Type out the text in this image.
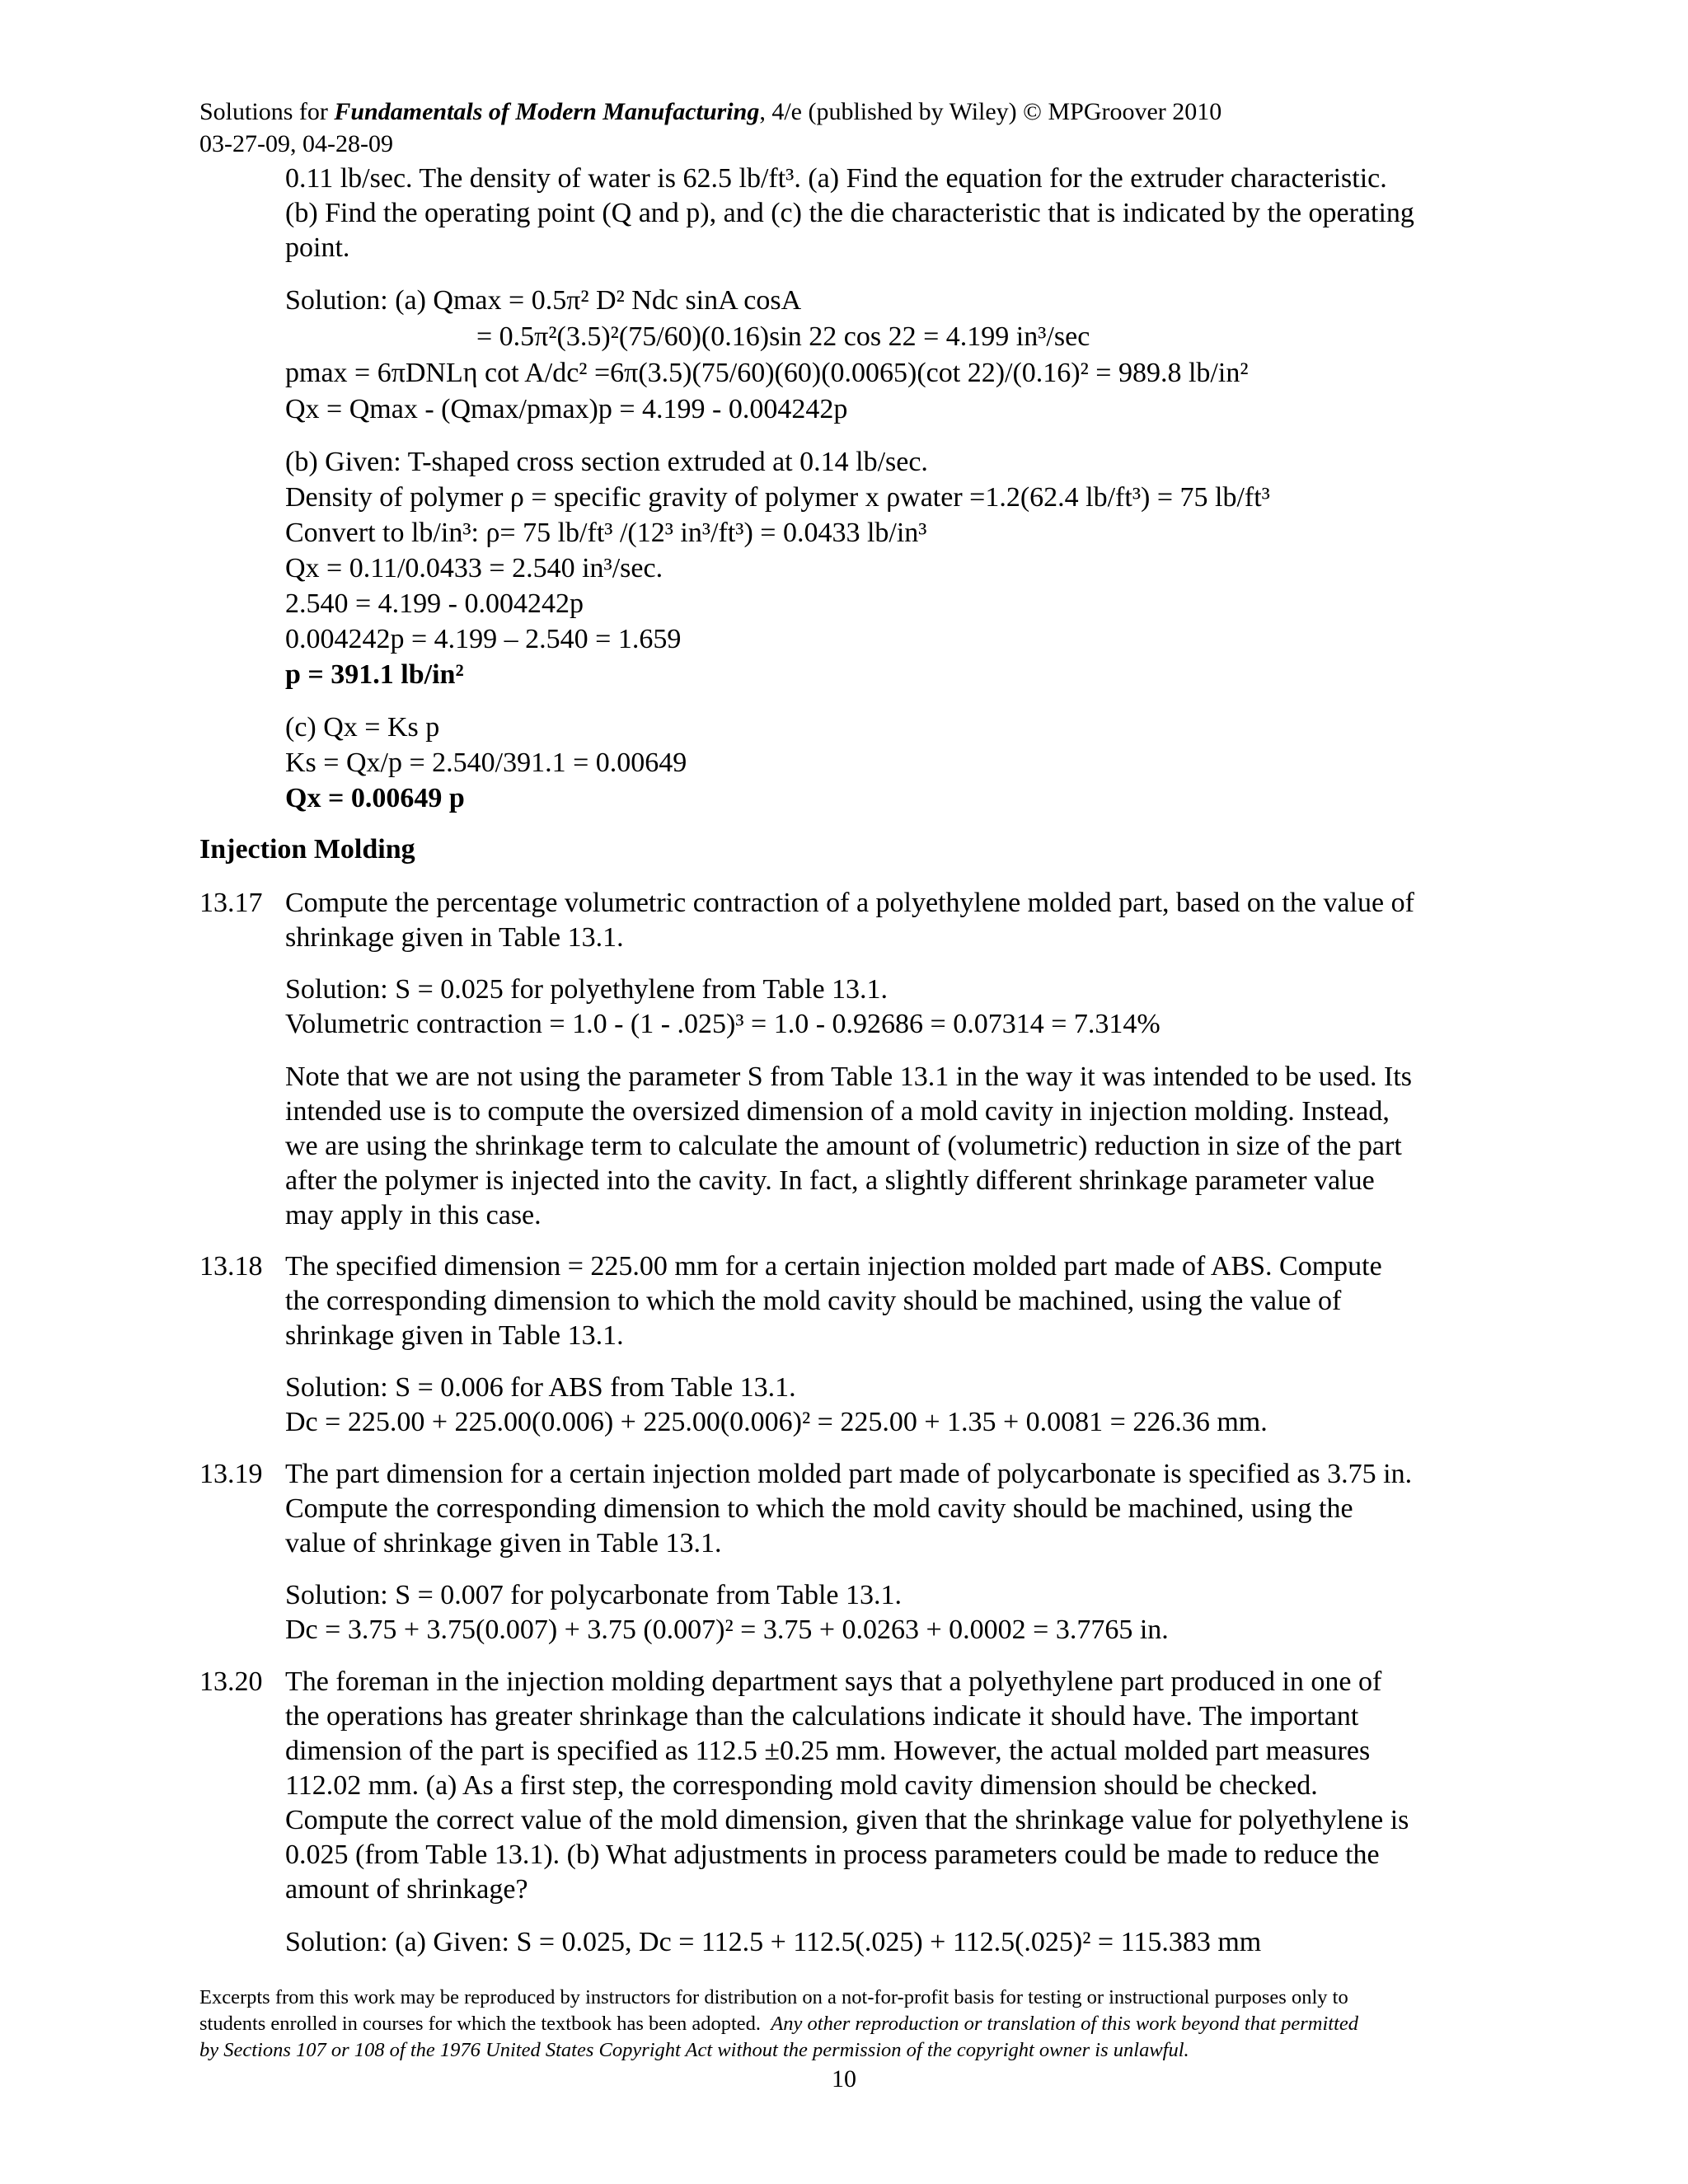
Solutions for Fundamentals of Modern Manufacturing, 4/e (published by Wiley) © MPGroover 2010
03-27-09, 04-28-09
0.11 lb/sec. The density of water is 62.5 lb/ft³. (a) Find the equation for the extruder characteristic.
(b) Find the operating point (Q and p), and (c) the die characteristic that is indicated by the operating
point.
Solution: (a) Qmax = 0.5π² D² Ndc sinA cosA
= 0.5π²(3.5)²(75/60)(0.16)sin 22 cos 22 = 4.199 in³/sec
pmax = 6πDNLη cot A/dc² =6π(3.5)(75/60)(60)(0.0065)(cot 22)/(0.16)² = 989.8 lb/in²
Qx = Qmax - (Qmax/pmax)p = 4.199 - 0.004242p
(b) Given: T-shaped cross section extruded at 0.14 lb/sec.
Density of polymer ρ = specific gravity of polymer x ρwater =1.2(62.4 lb/ft³) = 75 lb/ft³
Convert to lb/in³: ρ= 75 lb/ft³ /(12³ in³/ft³) = 0.0433 lb/in³
Qx = 0.11/0.0433 = 2.540 in³/sec.
2.540 = 4.199 - 0.004242p
0.004242p = 4.199 – 2.540 = 1.659
p = 391.1 lb/in²
(c) Qx = Ks p
Ks = Qx/p = 2.540/391.1 = 0.00649
Qx = 0.00649 p
Injection Molding
13.17 Compute the percentage volumetric contraction of a polyethylene molded part, based on the value of
shrinkage given in Table 13.1.
Solution: S = 0.025 for polyethylene from Table 13.1.
Volumetric contraction = 1.0 - (1 - .025)³ = 1.0 - 0.92686 = 0.07314 = 7.314%
Note that we are not using the parameter S from Table 13.1 in the way it was intended to be used. Its
intended use is to compute the oversized dimension of a mold cavity in injection molding. Instead,
we are using the shrinkage term to calculate the amount of (volumetric) reduction in size of the part
after the polymer is injected into the cavity. In fact, a slightly different shrinkage parameter value
may apply in this case.
13.18 The specified dimension = 225.00 mm for a certain injection molded part made of ABS. Compute
the corresponding dimension to which the mold cavity should be machined, using the value of
shrinkage given in Table 13.1.
Solution: S = 0.006 for ABS from Table 13.1.
Dc = 225.00 + 225.00(0.006) + 225.00(0.006)² = 225.00 + 1.35 + 0.0081 = 226.36 mm.
13.19 The part dimension for a certain injection molded part made of polycarbonate is specified as 3.75 in.
Compute the corresponding dimension to which the mold cavity should be machined, using the
value of shrinkage given in Table 13.1.
Solution: S = 0.007 for polycarbonate from Table 13.1.
Dc = 3.75 + 3.75(0.007) + 3.75 (0.007)² = 3.75 + 0.0263 + 0.0002 = 3.7765 in.
13.20 The foreman in the injection molding department says that a polyethylene part produced in one of
the operations has greater shrinkage than the calculations indicate it should have. The important
dimension of the part is specified as 112.5 ±0.25 mm. However, the actual molded part measures
112.02 mm. (a) As a first step, the corresponding mold cavity dimension should be checked.
Compute the correct value of the mold dimension, given that the shrinkage value for polyethylene is
0.025 (from Table 13.1). (b) What adjustments in process parameters could be made to reduce the
amount of shrinkage?
Solution: (a) Given: S = 0.025, Dc = 112.5 + 112.5(.025) + 112.5(.025)² = 115.383 mm
Excerpts from this work may be reproduced by instructors for distribution on a not-for-profit basis for testing or instructional purposes only to
students enrolled in courses for which the textbook has been adopted. Any other reproduction or translation of this work beyond that permitted
by Sections 107 or 108 of the 1976 United States Copyright Act without the permission of the copyright owner is unlawful.
10
